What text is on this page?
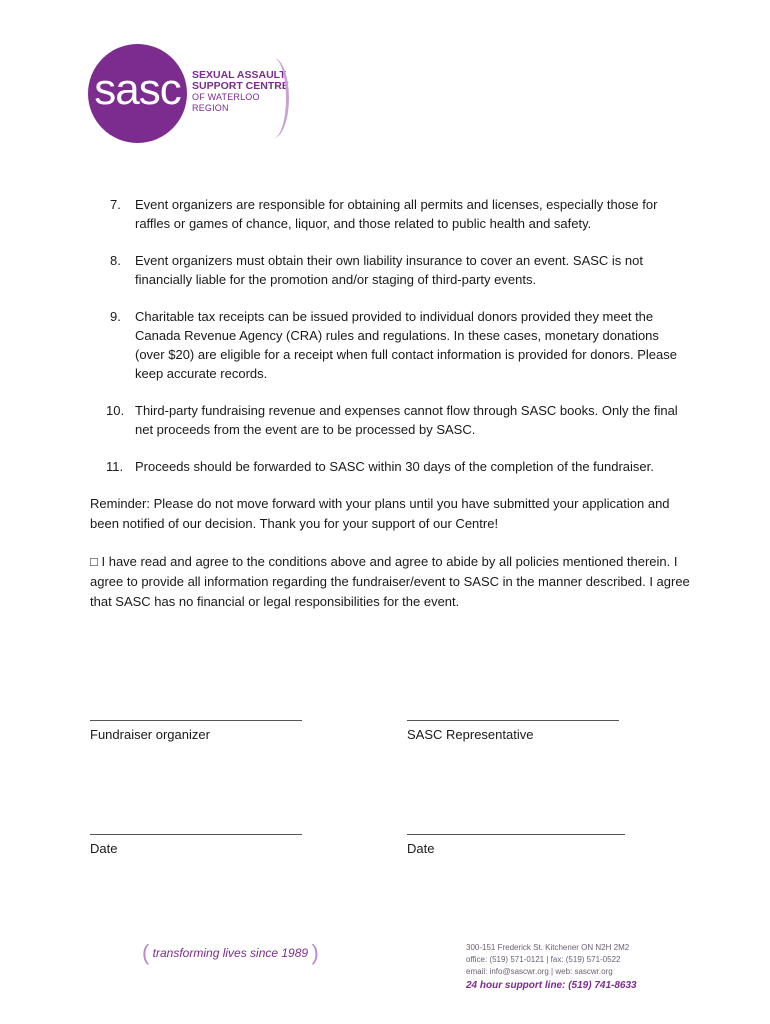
sasc	SEXUAL ASSAULT
SUPPORT CENTRE
OF WATERLOO REGION
7.	Event organizers are responsible for obtaining all permits and licenses, especially those for raffles or games of chance, liquor, and those related to public health and safety.
8.	Event organizers must obtain their own liability insurance to cover an event. SASC is not financially liable for the promotion and/or staging of third-party events.
9.	Charitable tax receipts can be issued provided to individual donors provided they meet the Canada Revenue Agency (CRA) rules and regulations. In these cases, monetary donations (over $20) are eligible for a receipt when full contact information is provided for donors. Please keep accurate records.
10. Third-party fundraising revenue and expenses cannot flow through SASC books. Only the final net proceeds from the event are to be processed by SASC.
11. Proceeds should be forwarded to SASC within 30 days of the completion of the fundraiser.

Reminder: Please do not move forward with your plans until you have submitted your application and been notified of our decision. Thank you for your support of our Centre!

□ I have read and agree to the conditions above and agree to abide by all policies mentioned therein. I agree to provide all information regarding the fundraiser/event to SASC in the manner described. I agree that SASC has no financial or legal responsibilities for the event.

Fundraiser organizer	SASC Representative
Date	Date
( transforming lives since 1989 )	300-151 Frederick St. Kitchener ON N2H 2M2
office: (519) 571-0121 | fax: (519) 571-0522
email: info@sascwr.org | web: sascwr.org
24 hour support line: (519) 741-8633
